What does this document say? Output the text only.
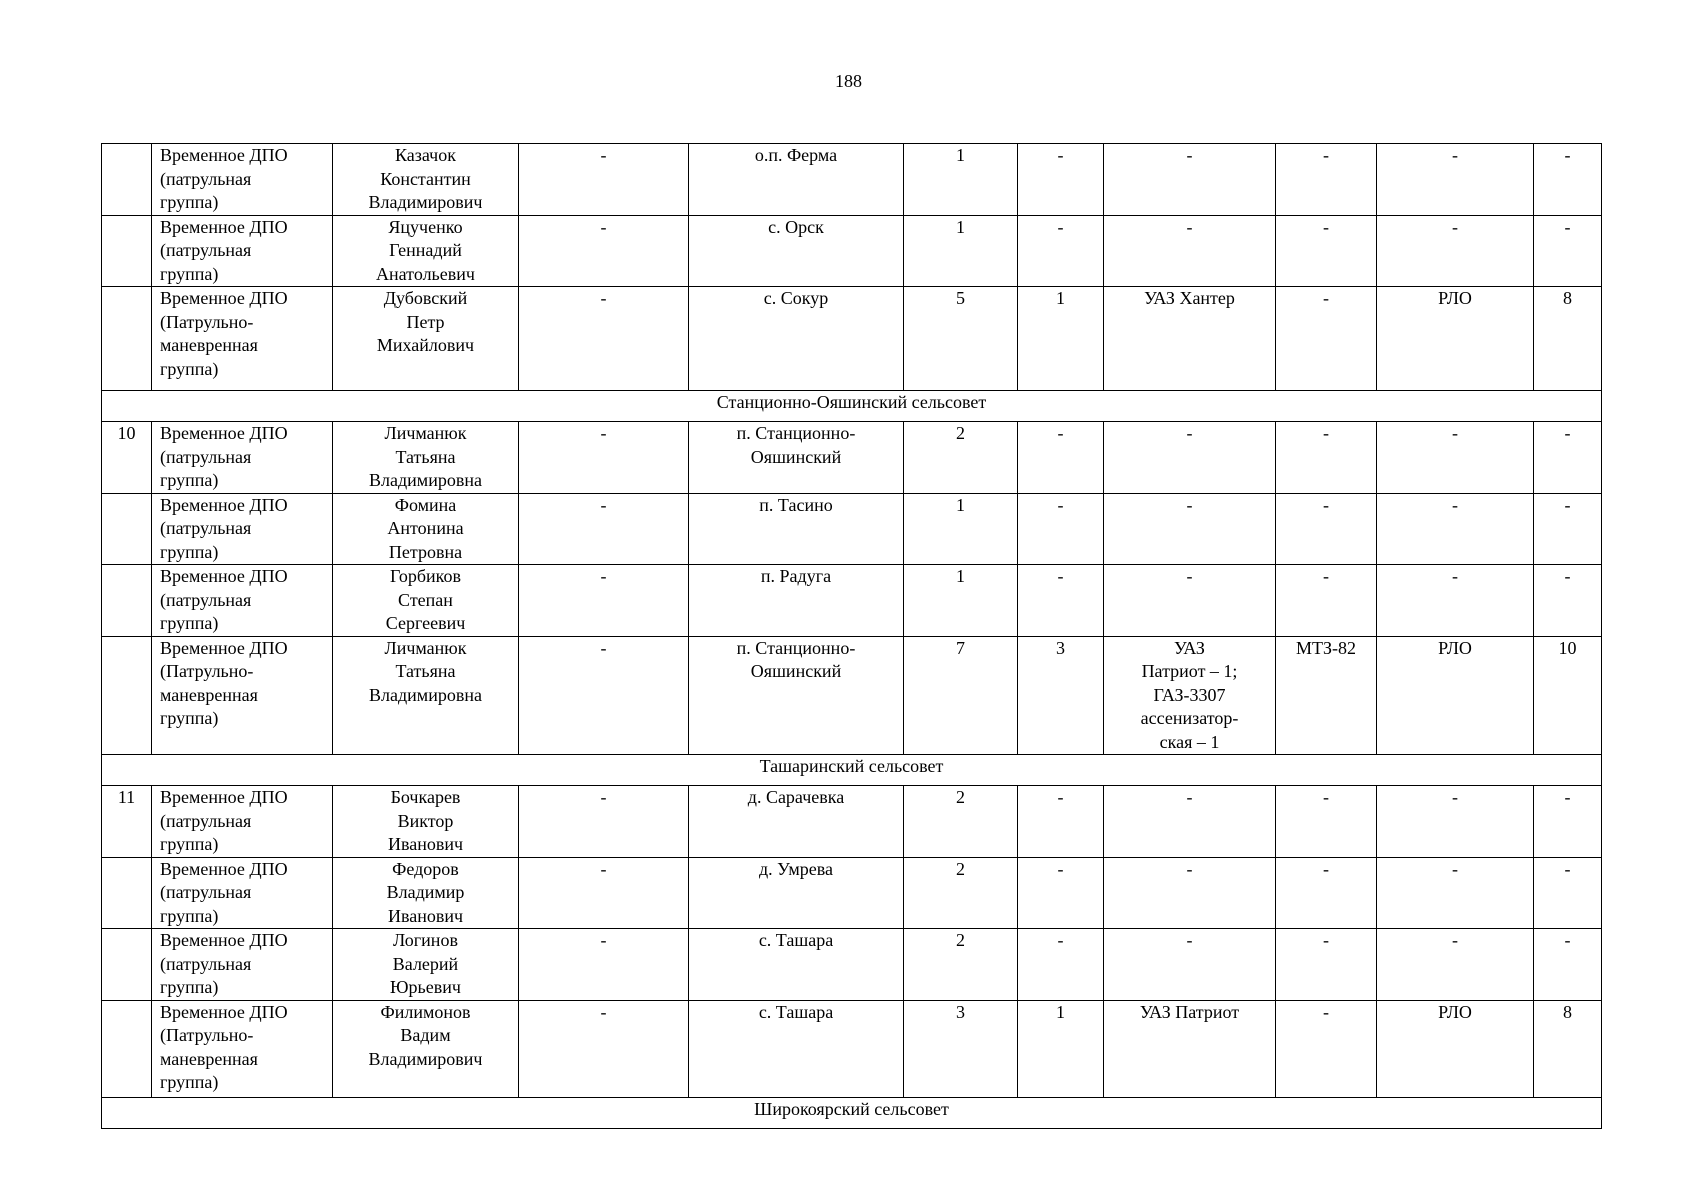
188

	Временное ДПО
(патрульная
группа)	Казачок
Константин
Владимирович	-	о.п. Ферма	1	-	-	-	-	-

	Временное ДПО
(патрульная
группа)	Яцученко
Геннадий
Анатольевич	-	с. Орск	1	-	-	-	-	-

	Временное ДПО
(Патрульно-
маневренная
группа)	Дубовский
Петр
Михайлович	-	с. Сокур	5	1	УАЗ Хантер	-	РЛО	8
Станционно-Ояшинский сельсовет										
10	Временное ДПО
(патрульная
группа)	Личманюк
Татьяна
Владимировна	-	п. Станционно-
Ояшинский	2	-	-	-	-	-

	Временное ДПО
(патрульная
группа)	Фомина
Антонина
Петровна	-	п. Тасино	1	-	-	-	-	-

	Временное ДПО
(патрульная
группа)	Горбиков
Степан
Сергеевич	-	п. Радуга	1	-	-	-	-	-

	Временное ДПО
(Патрульно-
маневренная
группа)	Личманюк
Татьяна
Владимировна	-	п. Станционно-
Ояшинский	7	3	УАЗ
Патриот – 1;
ГАЗ-3307
ассенизатор-
ская – 1	МТЗ-82	РЛО	10
Ташаринский сельсовет										
11	Временное ДПО
(патрульная
группа)	Бочкарев
Виктор
Иванович	-	д. Сарачевка	2	-	-	-	-	-

	Временное ДПО
(патрульная
группа)	Федоров
Владимир
Иванович	-	д. Умрева	2	-	-	-	-	-

	Временное ДПО
(патрульная
группа)	Логинов
Валерий
Юрьевич	-	с. Ташара	2	-	-	-	-	-

	Временное ДПО
(Патрульно-
маневренная
группа)	Филимонов
Вадим
Владимирович	-	с. Ташара	3	1	УАЗ Патриот	-	РЛО	8
Широкоярский сельсовет										
